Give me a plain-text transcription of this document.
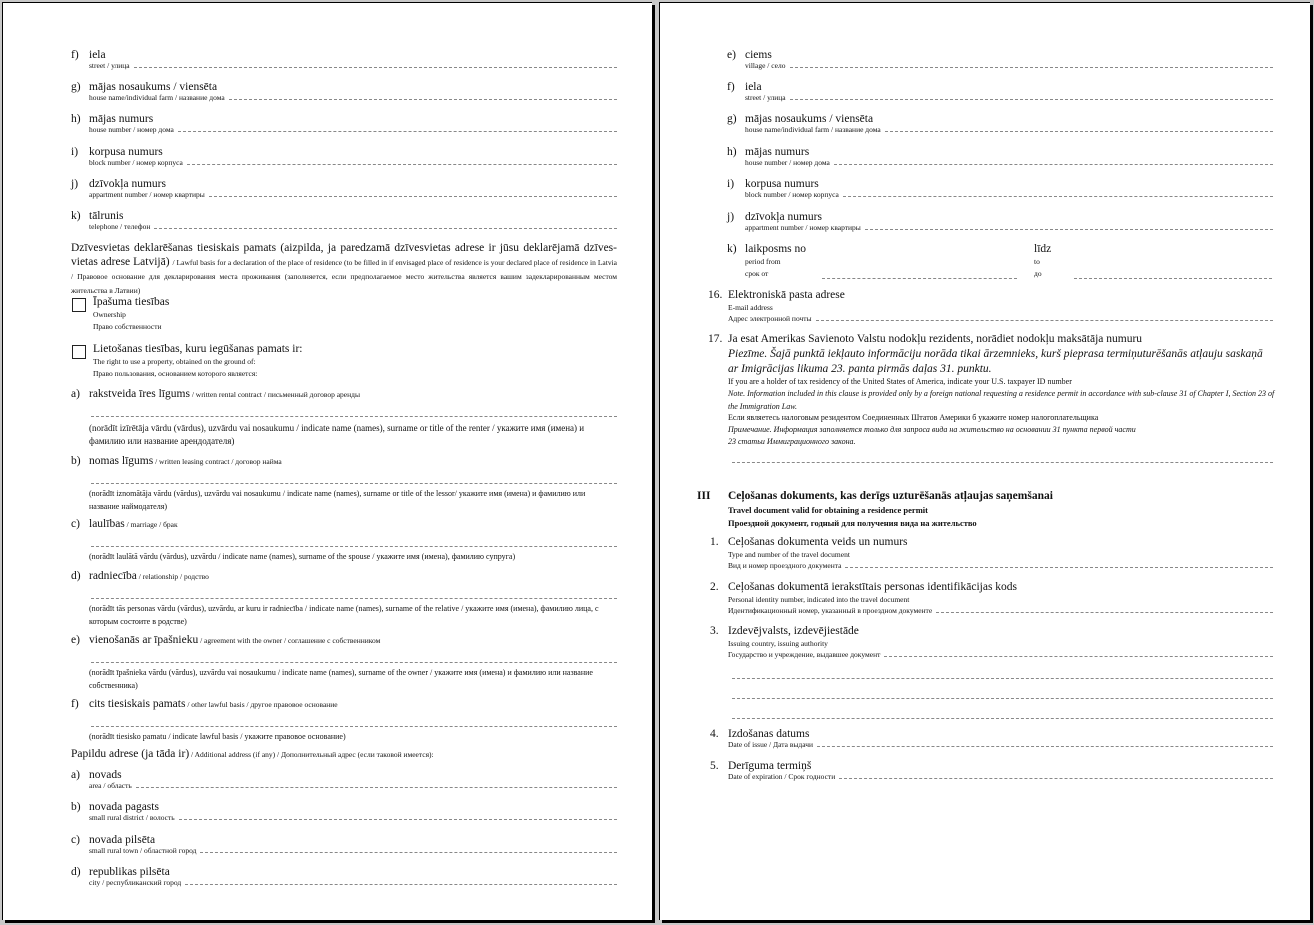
f) iela
street / улица
g) mājas nosaukums / viensēta
house name/individual farm / название дома
h) mājas numurs
house number / номер дома
i) korpusa numurs
block number / номер корпуса
j) dzīvokļa numurs
appartment number / номер квартиры
k) tālrunis
telephone / телефон
Dzīvesvietas deklarēšanas tiesiskais pamats (aizpilda, ja paredzamā dzīvesvietas adrese ir jūsu deklarējamā dzīves-vietas adrese Latvijā) / Lawful basis for a declaration of the place of residence (to be filled in if envisaged place of residence is your declared place of residence in Latvia / Правовое основание для декларирования места проживания (заполняется, если предполагаемое место жительства является вашим задекларированным местом жительства в Латвии)
Īpašuma tiesības
Ownership
Право собственности
Lietošanas tiesības, kuru iegūšanas pamats ir:
The right to use a property, obtained on the ground of:
Право пользования, основанием которого является:
a) rakstveida īres līgums / written rental contract / письменный договор аренды
(norādīt izīrētāja vārdu (vārdus), uzvārdu vai nosaukumu / indicate name (names), surname or title of the renter / укажите имя (имена) и фамилию или название арендодателя)
b) nomas līgums / written leasing contract / договор найма
(norādīt iznomātāja vārdu (vārdus), uzvārdu vai nosaukumu / indicate name (names), surname or title of the lessor/ укажите имя (имена) и фамилию или название наймодателя)
c) laulības / marriage / брак
(norādīt laulātā vārdu (vārdus), uzvārdu / indicate name (names), surname of the spouse / укажите имя (имена), фамилию супруга)
d) radniecība / relationship / родство
(norādīt tās personas vārdu (vārdus), uzvārdu, ar kuru ir radniecība / indicate name (names), surname of the relative / укажите имя (имена), фамилию лица, с которым состоите в родстве)
e) vienošanās ar īpašnieku / agreement with the owner / соглашение с собственником
(norādīt īpašnieka vārdu (vārdus), uzvārdu vai nosaukumu / indicate name (names), surname of the owner / укажите имя (имена) и фамилию или название собственника)
f) cits tiesiskais pamats / other lawful basis / другое правовое основание
(norādīt tiesisko pamatu / indicate lawful basis / укажите правовое основание)
Papildu adrese (ja tāda ir) / Additional address (if any) / Дополнительный адрес (если таковой имеется):
a) novads
area / область
b) novada pagasts
small rural district / волость
c) novada pilsēta
small rural town / областной город
d) republikas pilsēta
city / республиканский город
e) ciems
village / село
f) iela
street / улица
g) mājas nosaukums / viensēta
house name/individual farm / название дома
h) mājas numurs
house number / номер дома
i) korpusa numurs
block number / номер корпуса
j) dzīvokļa numurs
appartment number / номер квартиры
k) laikposms no
period from
срок от
līdz
to
до
16. Elektroniskā pasta adrese
E-mail address
Адрес электронной почты
17. Ja esat Amerikas Savienoto Valstu nodokļu rezidents, norādiet nodokļu maksātāja numuru
Piezīme. Šajā punktā iekļauto informāciju norāda tikai ārzemnieks, kurš pieprasa termiņuturēšanās atļauju saskaņā ar Imigrācijas likuma 23. panta pirmās daļas 31. punktu.
If you are a holder of tax residency of the United States of America, indicate your U.S. taxpayer ID number
Note. Information included in this clause is provided only by a foreign national requesting a residence permit in accordance with sub-clause 31 of Chapter I, Section 23 of the Immigration Law.
Если являетесь налоговым резидентом Соединенных Штатов Америки б укажите номер налогоплательщика
Примечание. Информация заполняется только для запроса вида на жительство на основании 31 пункта первой части
23 статьи Иммиграционного закона.
III Ceļošanas dokuments, kas derīgs uzturēšanās atļaujas saņemšanai
Travel document valid for obtaining a residence permit
Проездной документ, годный для получения вида на жительство
1. Ceļošanas dokumenta veids un numurs
Type and number of the travel document
Вид и номер проездного документа
2. Ceļošanas dokumentā ierakstītais personas identifikācijas kods
Personal identity number, indicated into the travel document
Идентификационный номер, указанный в проездном документе
3. Izdevējvalsts, izdevējiestāde
Issuing country, issuing authority
Государство и учреждение, выдавшее документ
4. Izdošanas datums
Date of issue / Дата выдачи
5. Derīguma termiņš
Date of expiration / Срок годности
